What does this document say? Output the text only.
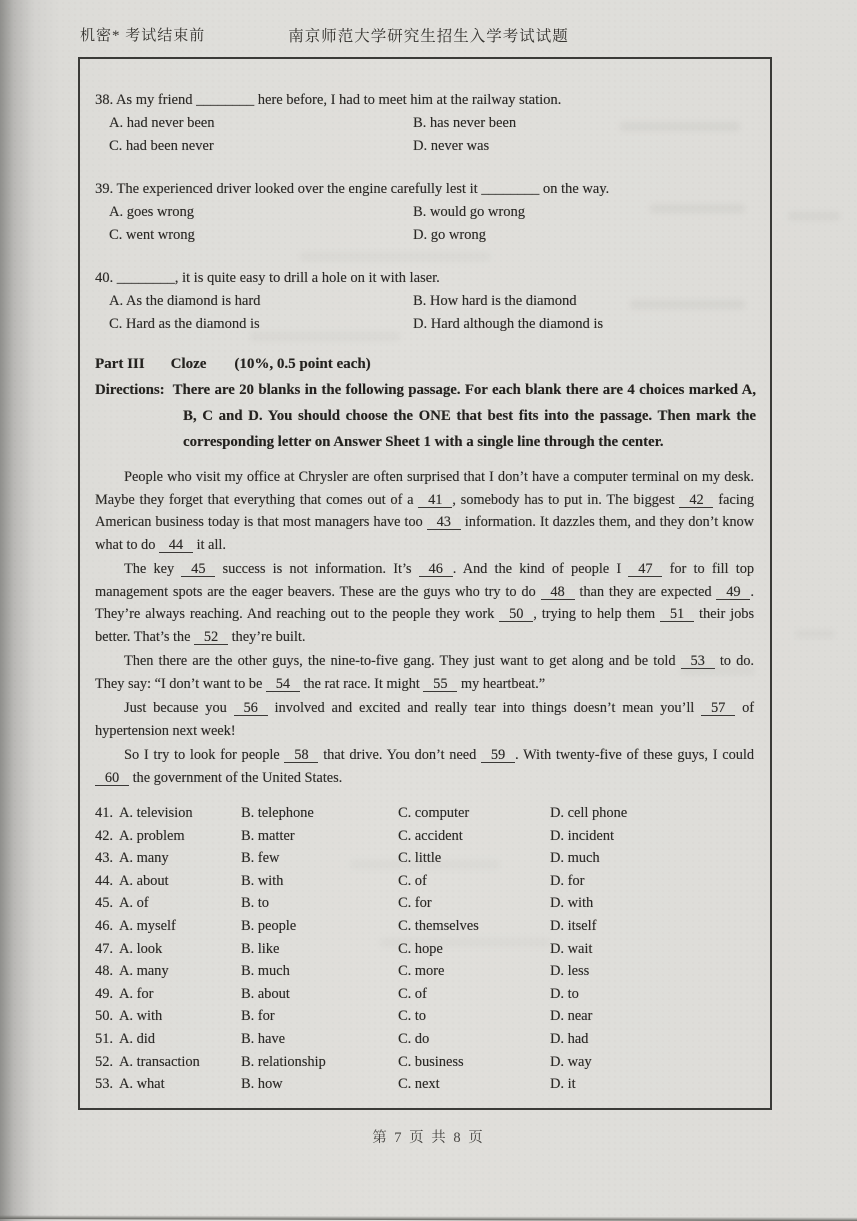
机密* 考试结束前	南京师范大学研究生招生入学考试试题
38. As my friend ________ here before, I had to meet him at the railway station.
A. had never been	B. has never been
C. had been never	D. never was
39. The experienced driver looked over the engine carefully lest it ________ on the way.
A. goes wrong	B. would go wrong
C. went wrong	D. go wrong
40. ________, it is quite easy to drill a hole on it with laser.
A. As the diamond is hard	B. How hard is the diamond
C. Hard as the diamond is	D. Hard although the diamond is
Part III Cloze (10%, 0.5 point each)

Directions: There are 20 blanks in the following passage. For each blank there are 4 choices marked A, B, C and D. You should choose the ONE that best fits into the passage. Then mark the corresponding letter on Answer Sheet 1 with a single line through the center.

People who visit my office at Chrysler are often surprised that I don’t have a computer terminal on my desk. Maybe they forget that everything that comes out of a 41 , somebody has to put in. The biggest 42 facing American business today is that most managers have too 43 information. It dazzles them, and they don’t know what to do 44 it all.

The key 45 success is not information. It’s 46 . And the kind of people I 47 for to fill top management spots are the eager beavers. These are the guys who try to do 48 than they are expected 49 . They’re always reaching. And reaching out to the people they work 50 , trying to help them 51 their jobs better. That’s the 52 they’re built.

Then there are the other guys, the nine-to-five gang. They just want to get along and be told 53 to do. They say: “I don’t want to be 54 the rat race. It might 55 my heartbeat.”

Just because you 56 involved and excited and really tear into things doesn’t mean you’ll 57 of hypertension next week!

So I try to look for people 58 that drive. You don’t need 59 . With twenty-five of these guys, I could 60 the government of the United States.

41. A. television	B. telephone	C. computer	D. cell phone
42. A. problem	B. matter	C. accident	D. incident
43. A. many	B. few	C. little	D. much
44. A. about	B. with	C. of	D. for
45. A. of	B. to	C. for	D. with
46. A. myself	B. people	C. themselves	D. itself
47. A. look	B. like	C. hope	D. wait
48. A. many	B. much	C. more	D. less
49. A. for	B. about	C. of	D. to
50. A. with	B. for	C. to	D. near
51. A. did	B. have	C. do	D. had
52. A. transaction	B. relationship	C. business	D. way
53. A. what	B. how	C. next	D. it
第 7 页 共 8 页
